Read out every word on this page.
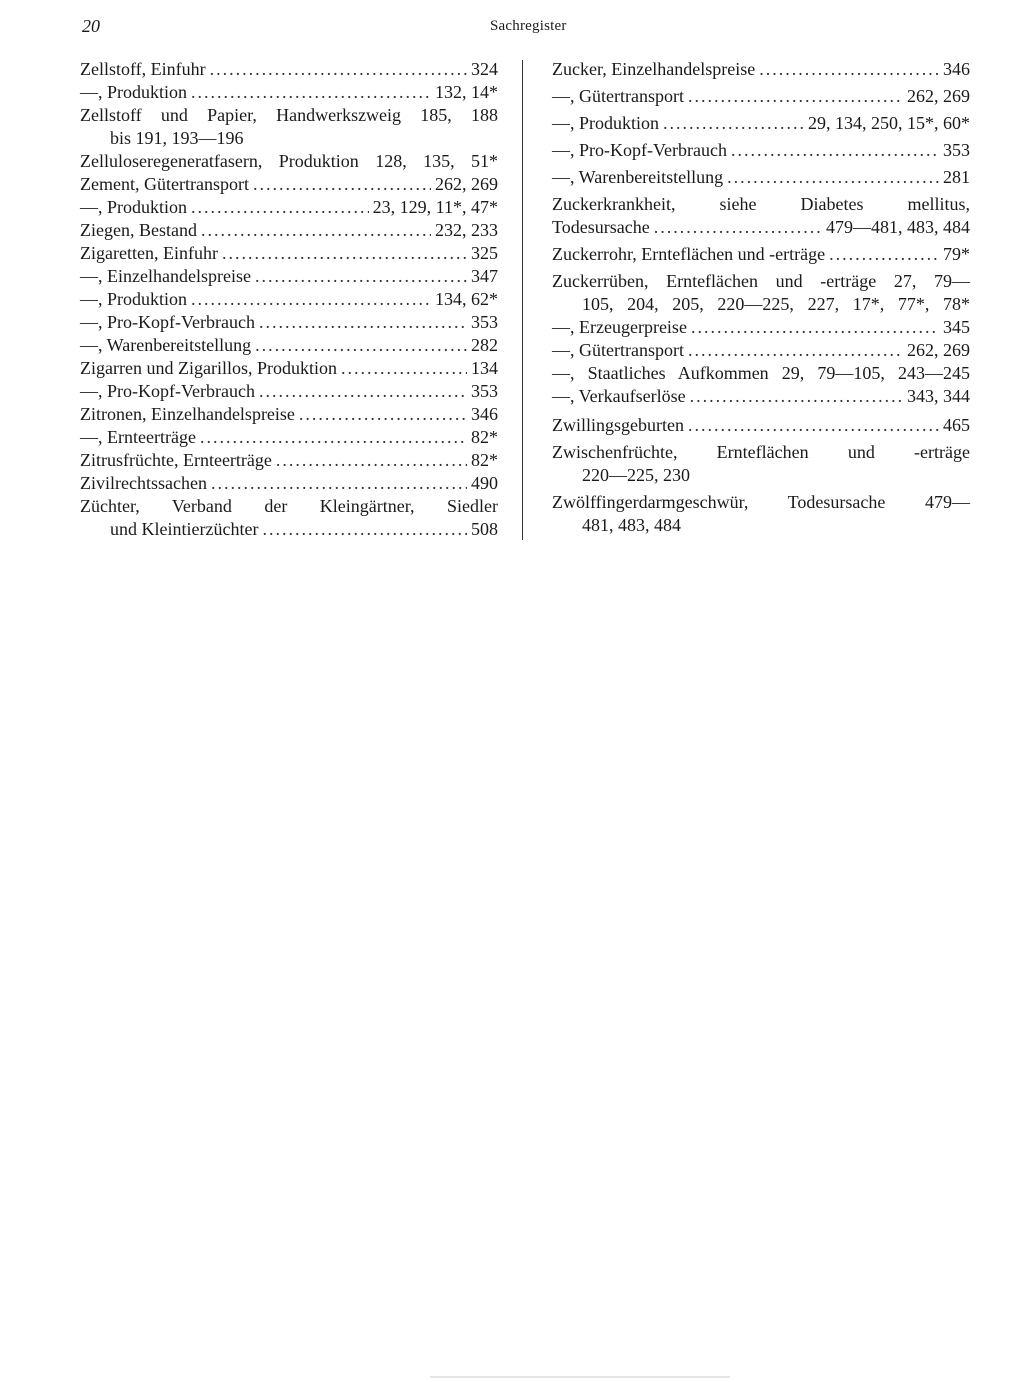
20	Sachregister
Zellstoff, Einfuhr .....	324
—, Produktion .....	132, 14*
Zellstoff und Papier, Handwerkszweig 185, 188
bis 191, 193—196
Zelluloseregeneratfasern, Produktion 128, 135, 51*
Zement, Gütertransport .....	262, 269
—, Produktion .....	23, 129, 11*, 47*
Ziegen, Bestand .....	232, 233
Zigaretten, Einfuhr .....	325
—, Einzelhandelspreise .....	347
—, Produktion .....	134, 62*
—, Pro-Kopf-Verbrauch .....	353
—, Warenbereitstellung .....	282
Zigarren und Zigarillos, Produktion .....	134
—, Pro-Kopf-Verbrauch .....	353
Zitronen, Einzelhandelspreise .....	346
—, Ernteerträge .....	82*
Zitrusfrüchte, Ernteerträge .....	82*
Zivilrechtssachen .....	490
Züchter, Verband der Kleingärtner, Siedler
und Kleintierzüchter .....	508
Zucker, Einzelhandelspreise .....	346
—, Gütertransport .....	262, 269
—, Produktion .....	29, 134, 250, 15*, 60*
—, Pro-Kopf-Verbrauch .....	353
—, Warenbereitstellung .....	281
Zuckerkrankheit, siehe Diabetes mellitus,
Todesursache .....	479—481, 483, 484
Zuckerrohr, Ernteflächen und -erträge .....	79*
Zuckerrüben, Ernteflächen und -erträge 27, 79—
105, 204, 205, 220—225, 227, 17*, 77*, 78*
—, Erzeugerpreise .....	345
—, Gütertransport .....	262, 269
—, Staatliches Aufkommen 29, 79—105, 243—245
—, Verkaufserlöse .....	343, 344
Zwillingsgeburten .....	465
Zwischenfrüchte, Ernteflächen und -erträge
220—225, 230
Zwölffingerdarmgeschwür, Todesursache 479—
481, 483, 484
